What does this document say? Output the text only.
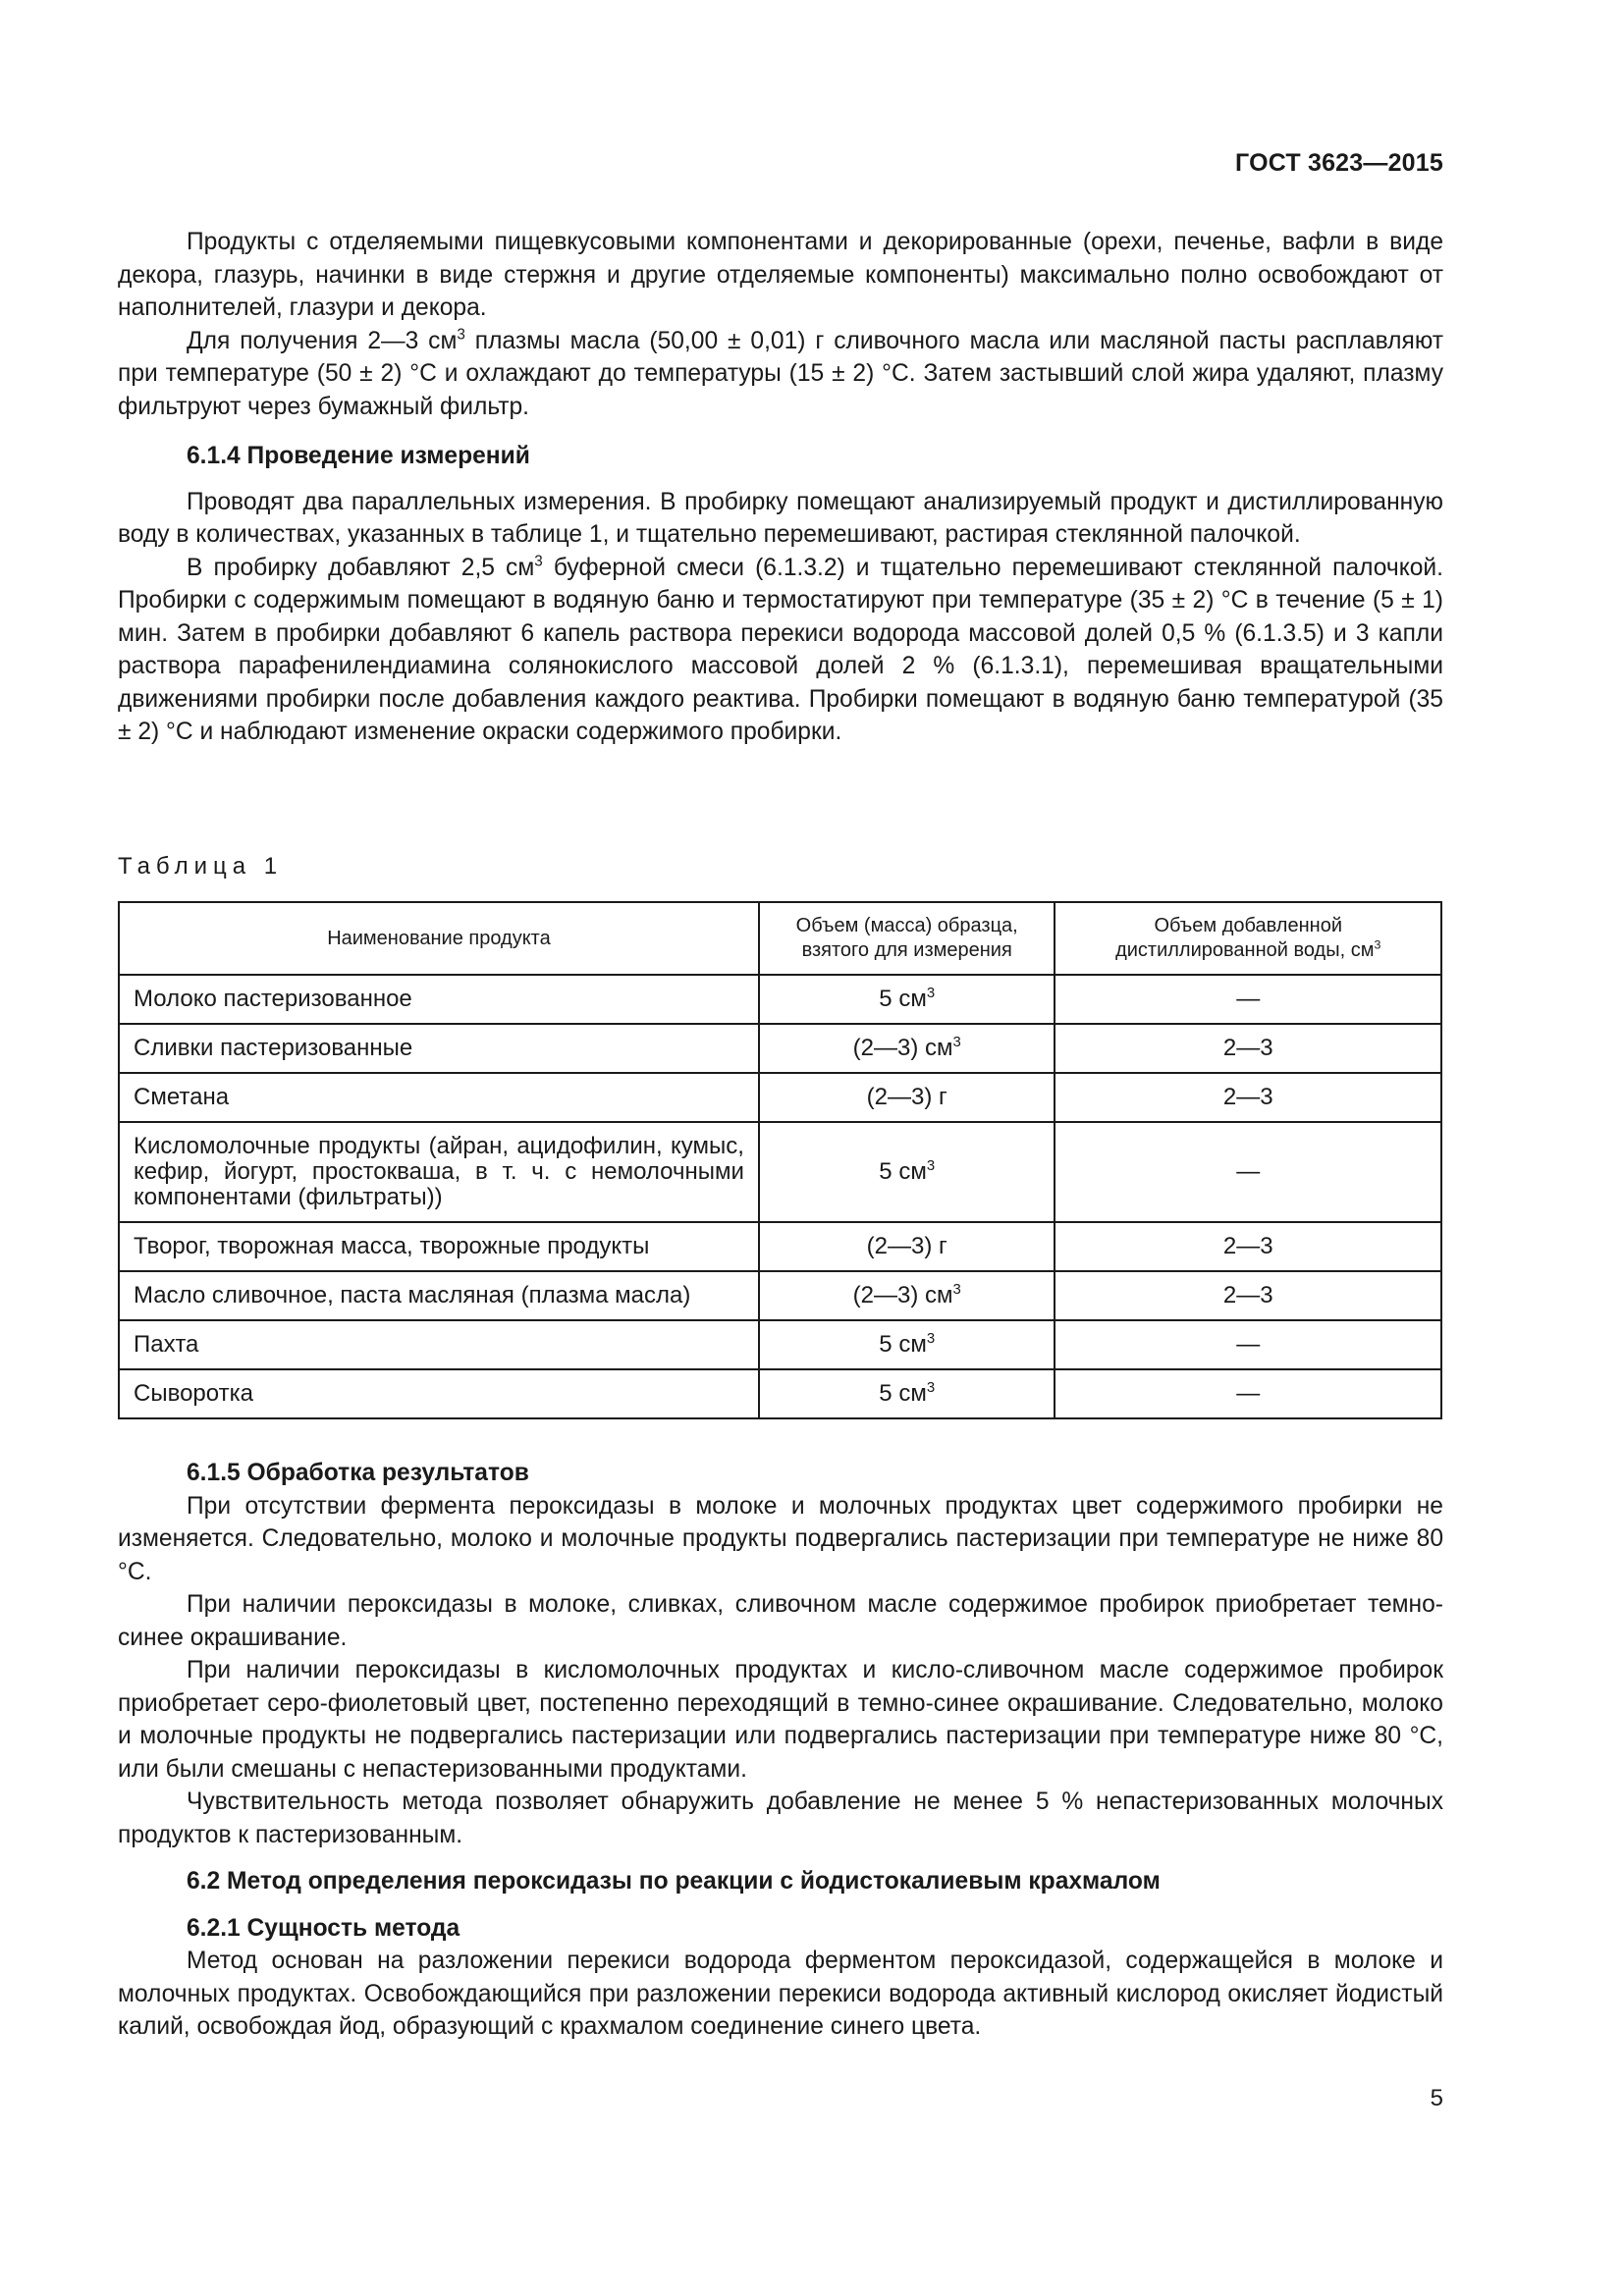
ГОСТ 3623—2015

Продукты с отделяемыми пищевкусовыми компонентами и декорированные (орехи, печенье, вафли в виде декора, глазурь, начинки в виде стержня и другие отделяемые компоненты) максимально полно освобождают от наполнителей, глазури и декора.

Для получения 2—3 $см^3$ плазмы масла (50,00 ± 0,01) г сливочного масла или масляной пасты расплавляют при температуре (50 ± 2) °С и охлаждают до температуры (15 ± 2) °С. Затем застывший слой жира удаляют, плазму фильтруют через бумажный фильтр.

6.1.4 Проведение измерений

Проводят два параллельных измерения. В пробирку помещают анализируемый продукт и дистиллированную воду в количествах, указанных в таблице 1, и тщательно перемешивают, растирая стеклянной палочкой.

В пробирку добавляют 2,5 $см^3$ буферной смеси (6.1.3.2) и тщательно перемешивают стеклянной палочкой. Пробирки с содержимым помещают в водяную баню и термостатируют при температуре (35 ± 2) °С в течение (5 ± 1) мин. Затем в пробирки добавляют 6 капель раствора перекиси водорода массовой долей 0,5 % (6.1.3.5) и 3 капли раствора парафенилендиамина солянокислого массовой долей 2 % (6.1.3.1), перемешивая вращательными движениями пробирки после добавления каждого реактива. Пробирки помещают в водяную баню температурой (35 ± 2) °С и наблюдают изменение окраски содержимого пробирки.

Таблица 1
Наименование продукта	Объем (масса) образца, взятого для измерения	Объем добавленной дистиллированной воды, $см^3$
Молоко пастеризованное	5 $см^3$	—
Сливки пастеризованные	(2—3) $см^3$	2—3
Сметана	(2—3) г	2—3
Кисломолочные продукты (айран, ацидофилин, кумыс, кефир, йогурт, простокваша, в т. ч. с немолочными компонентами (фильтраты))	5 $см^3$	—
Творог, творожная масса, творожные продукты	(2—3) г	2—3
Масло сливочное, паста масляная (плазма масла)	(2—3) $см^3$	2—3
Пахта	5 $см^3$	—
Сыворотка	5 $см^3$	—
6.1.5 Обработка результатов

При отсутствии фермента пероксидазы в молоке и молочных продуктах цвет содержимого пробирки не изменяется. Следовательно, молоко и молочные продукты подвергались пастеризации при температуре не ниже 80 °С.

При наличии пероксидазы в молоке, сливках, сливочном масле содержимое пробирок приобретает темно-синее окрашивание.

При наличии пероксидазы в кисломолочных продуктах и кисло-сливочном масле содержимое пробирок приобретает серо-фиолетовый цвет, постепенно переходящий в темно-синее окрашивание. Следовательно, молоко и молочные продукты не подвергались пастеризации или подвергались пастеризации при температуре ниже 80 °С, или были смешаны с непастеризованными продуктами.

Чувствительность метода позволяет обнаружить добавление не менее 5 % непастеризованных молочных продуктов к пастеризованным.

6.2 Метод определения пероксидазы по реакции с йодистокалиевым крахмалом
6.2.1 Сущность метода

Метод основан на разложении перекиси водорода ферментом пероксидазой, содержащейся в молоке и молочных продуктах. Освобождающийся при разложении перекиси водорода активный кислород окисляет йодистый калий, освобождая йод, образующий с крахмалом соединение синего цвета.

5
